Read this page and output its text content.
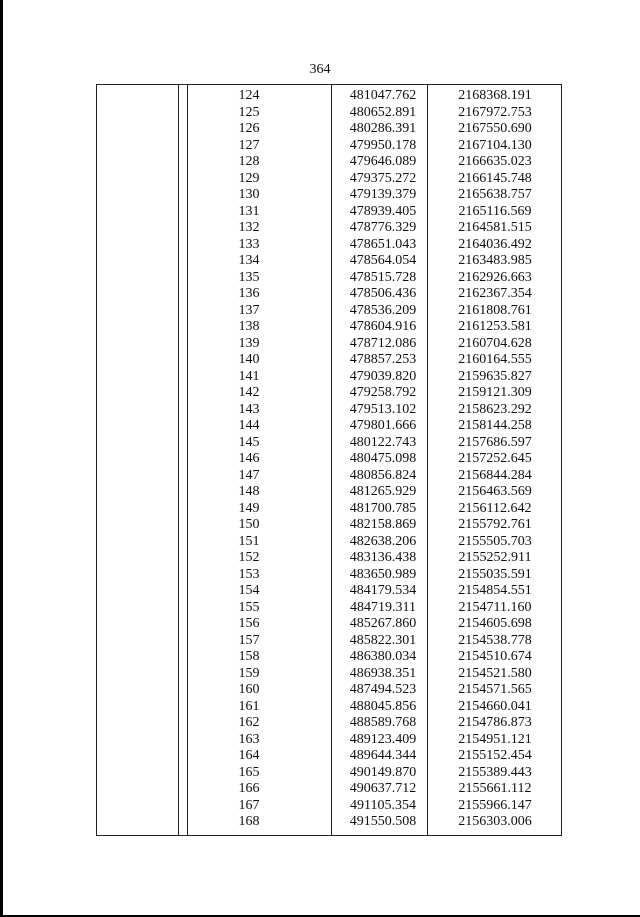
364
124	481047.762	2168368.191
125	480652.891	2167972.753
126	480286.391	2167550.690
127	479950.178	2167104.130
128	479646.089	2166635.023
129	479375.272	2166145.748
130	479139.379	2165638.757
131	478939.405	2165116.569
132	478776.329	2164581.515
133	478651.043	2164036.492
134	478564.054	2163483.985
135	478515.728	2162926.663
136	478506.436	2162367.354
137	478536.209	2161808.761
138	478604.916	2161253.581
139	478712.086	2160704.628
140	478857.253	2160164.555
141	479039.820	2159635.827
142	479258.792	2159121.309
143	479513.102	2158623.292
144	479801.666	2158144.258
145	480122.743	2157686.597
146	480475.098	2157252.645
147	480856.824	2156844.284
148	481265.929	2156463.569
149	481700.785	2156112.642
150	482158.869	2155792.761
151	482638.206	2155505.703
152	483136.438	2155252.911
153	483650.989	2155035.591
154	484179.534	2154854.551
155	484719.311	2154711.160
156	485267.860	2154605.698
157	485822.301	2154538.778
158	486380.034	2154510.674
159	486938.351	2154521.580
160	487494.523	2154571.565
161	488045.856	2154660.041
162	488589.768	2154786.873
163	489123.409	2154951.121
164	489644.344	2155152.454
165	490149.870	2155389.443
166	490637.712	2155661.112
167	491105.354	2155966.147
168	491550.508	2156303.006
